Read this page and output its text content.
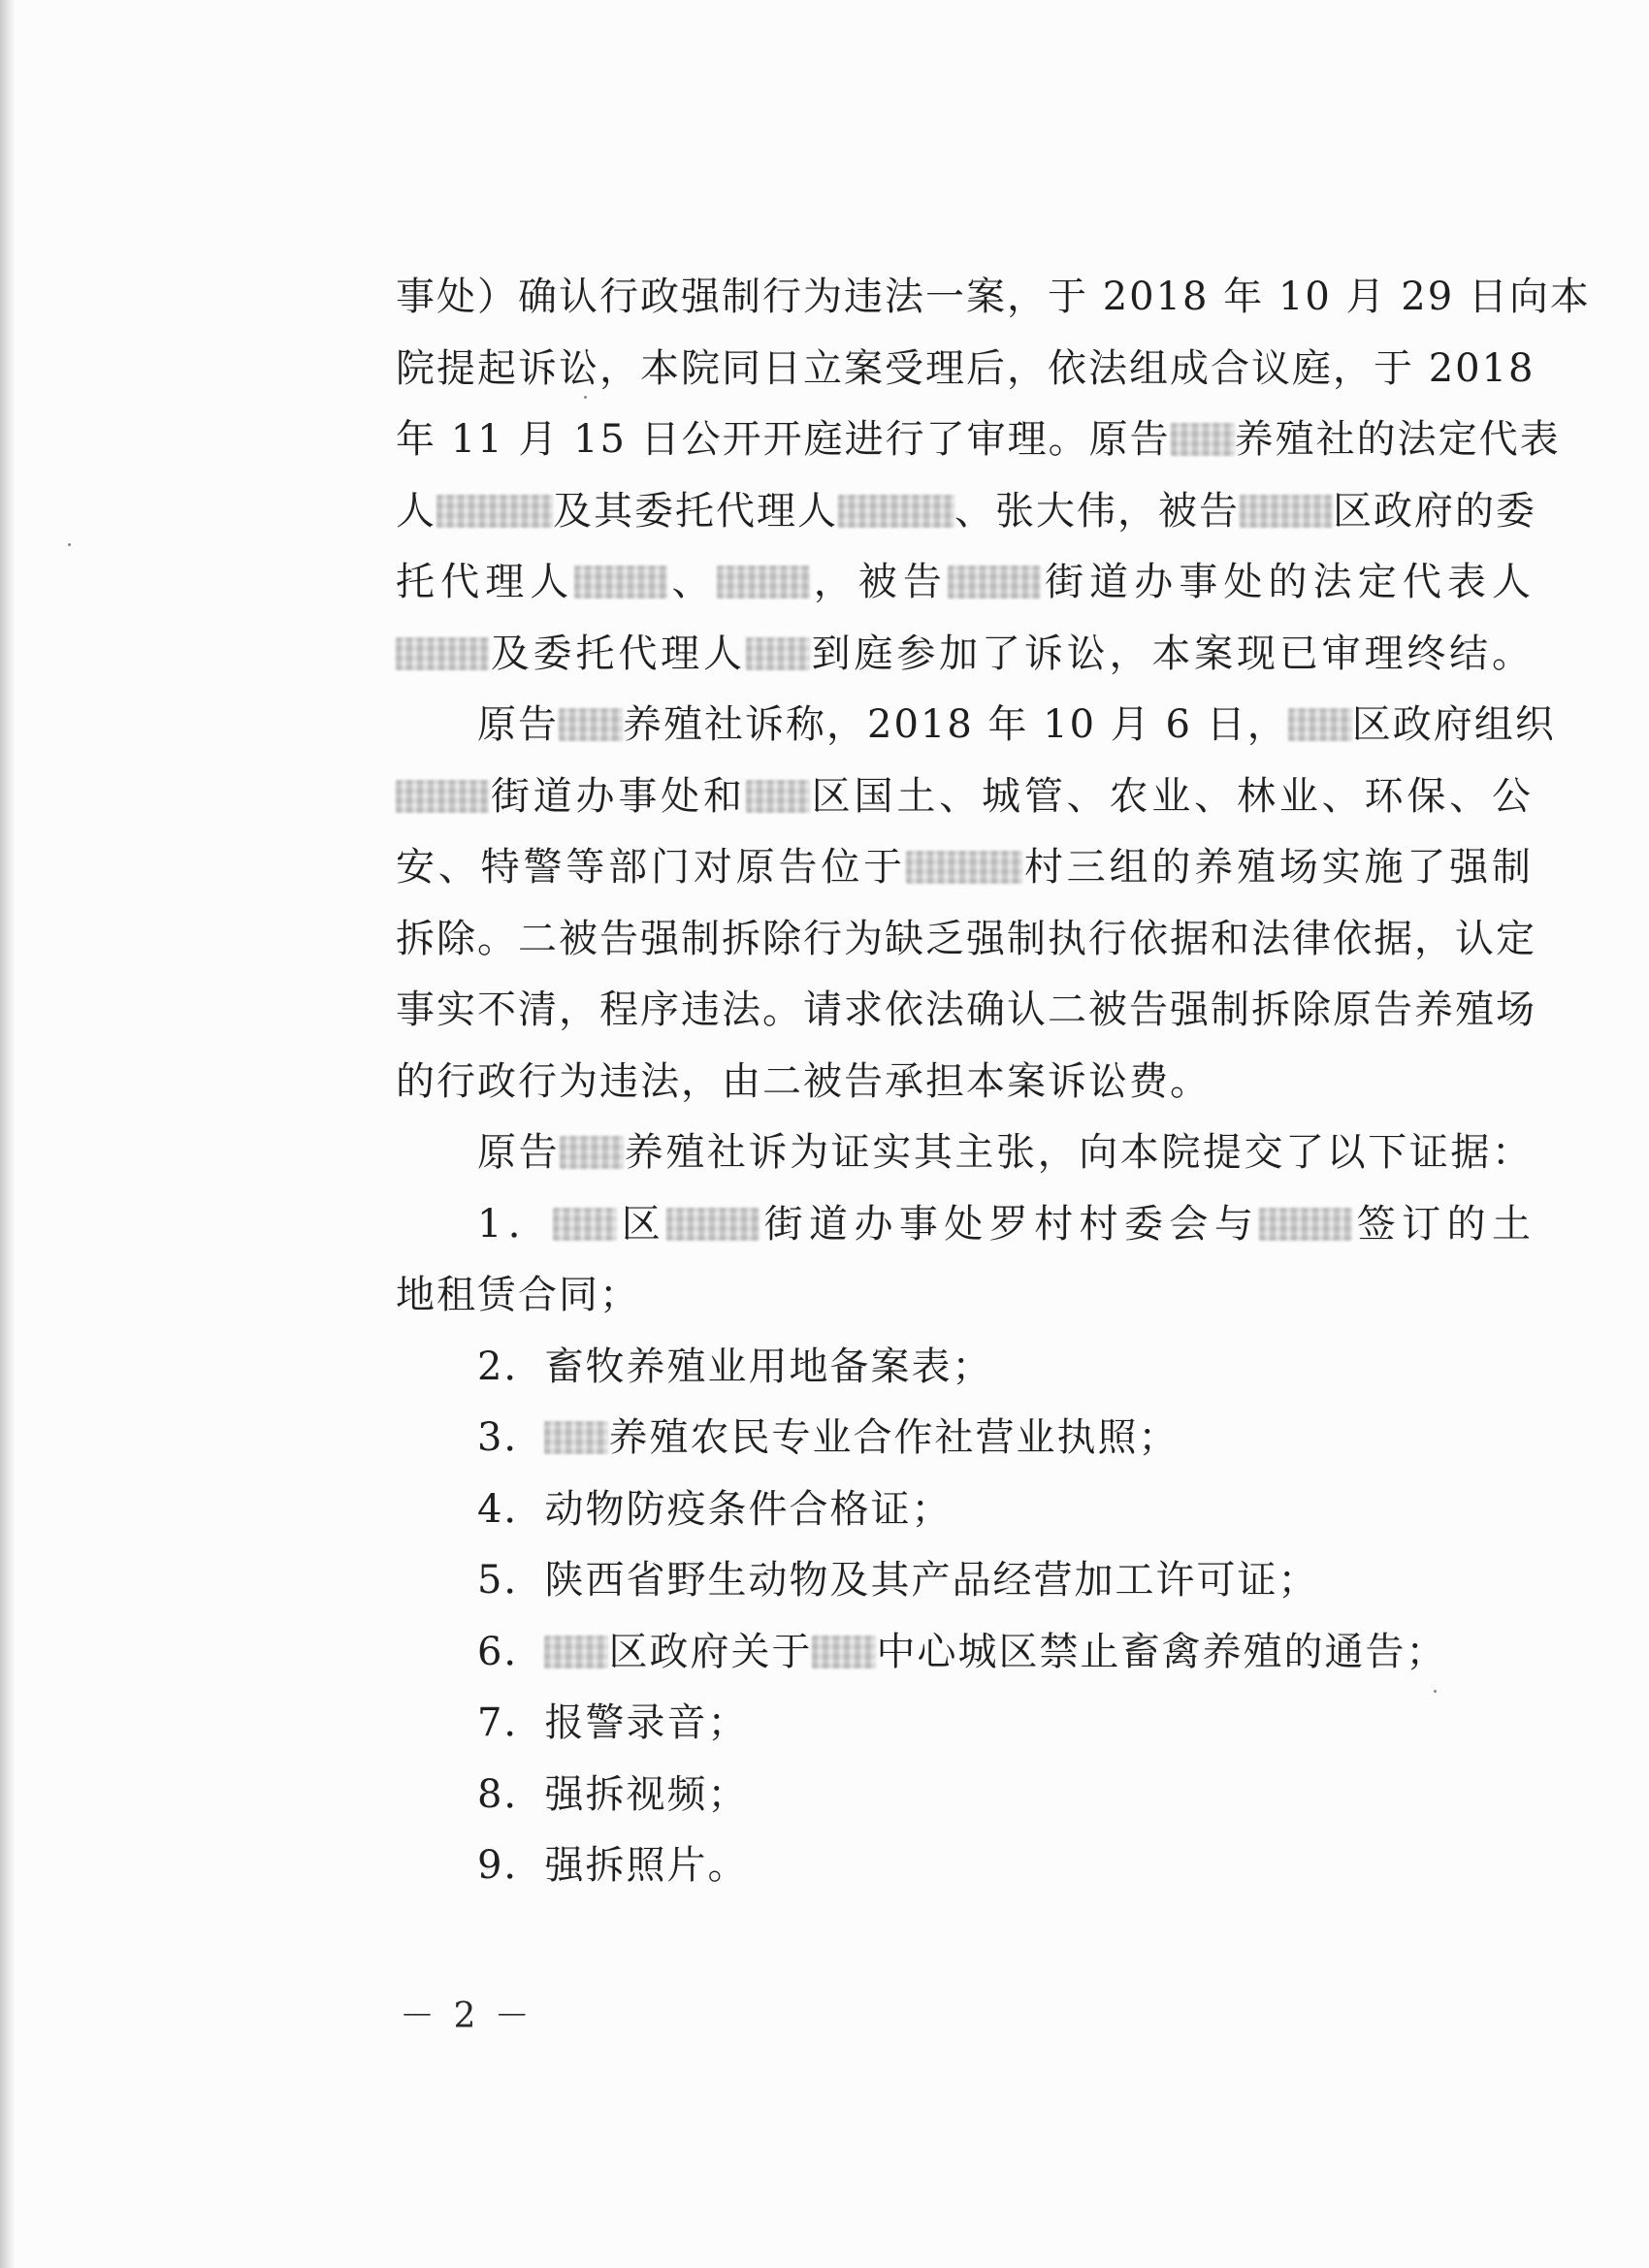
事处）确认行政强制行为违法一案，于 2018 年 10 月 29 日向本
院提起诉讼，本院同日立案受理后，依法组成合议庭，于 2018
年 11 月 15 日公开开庭进行了审理。原告 养殖社的法定代表
人	及其委托代理人	、张大伟，被告 区政府的委
托代理人 、 ，被告 街道办事处的法定代表人
及委托代理人 到庭参加了诉讼，本案现已审理终结。
原告 养殖社诉称，2018 年 10 月 6 日， 区政府组织
街道办事处和 区国土、城管、农业、林业、环保、公
安、特警等部门对原告位于	村三组的养殖场实施了强制
拆除。二被告强制拆除行为缺乏强制执行依据和法律依据，认定
事实不清，程序违法。请求依法确认二被告强制拆除原告养殖场
的行政行为违法，由二被告承担本案诉讼费。
原告 养殖社诉为证实其主张，向本院提交了以下证据：
1． 区 街道办事处罗村村委会与 签订的土
地租赁合同；
2．畜牧养殖业用地备案表；
3． 养殖农民专业合作社营业执照；
4．动物防疫条件合格证；
5．陕西省野生动物及其产品经营加工许可证；
6． 区政府关于 中心城区禁止畜禽养殖的通告；
7．报警录音；
8．强拆视频；
9．强拆照片。
－ 2 －
